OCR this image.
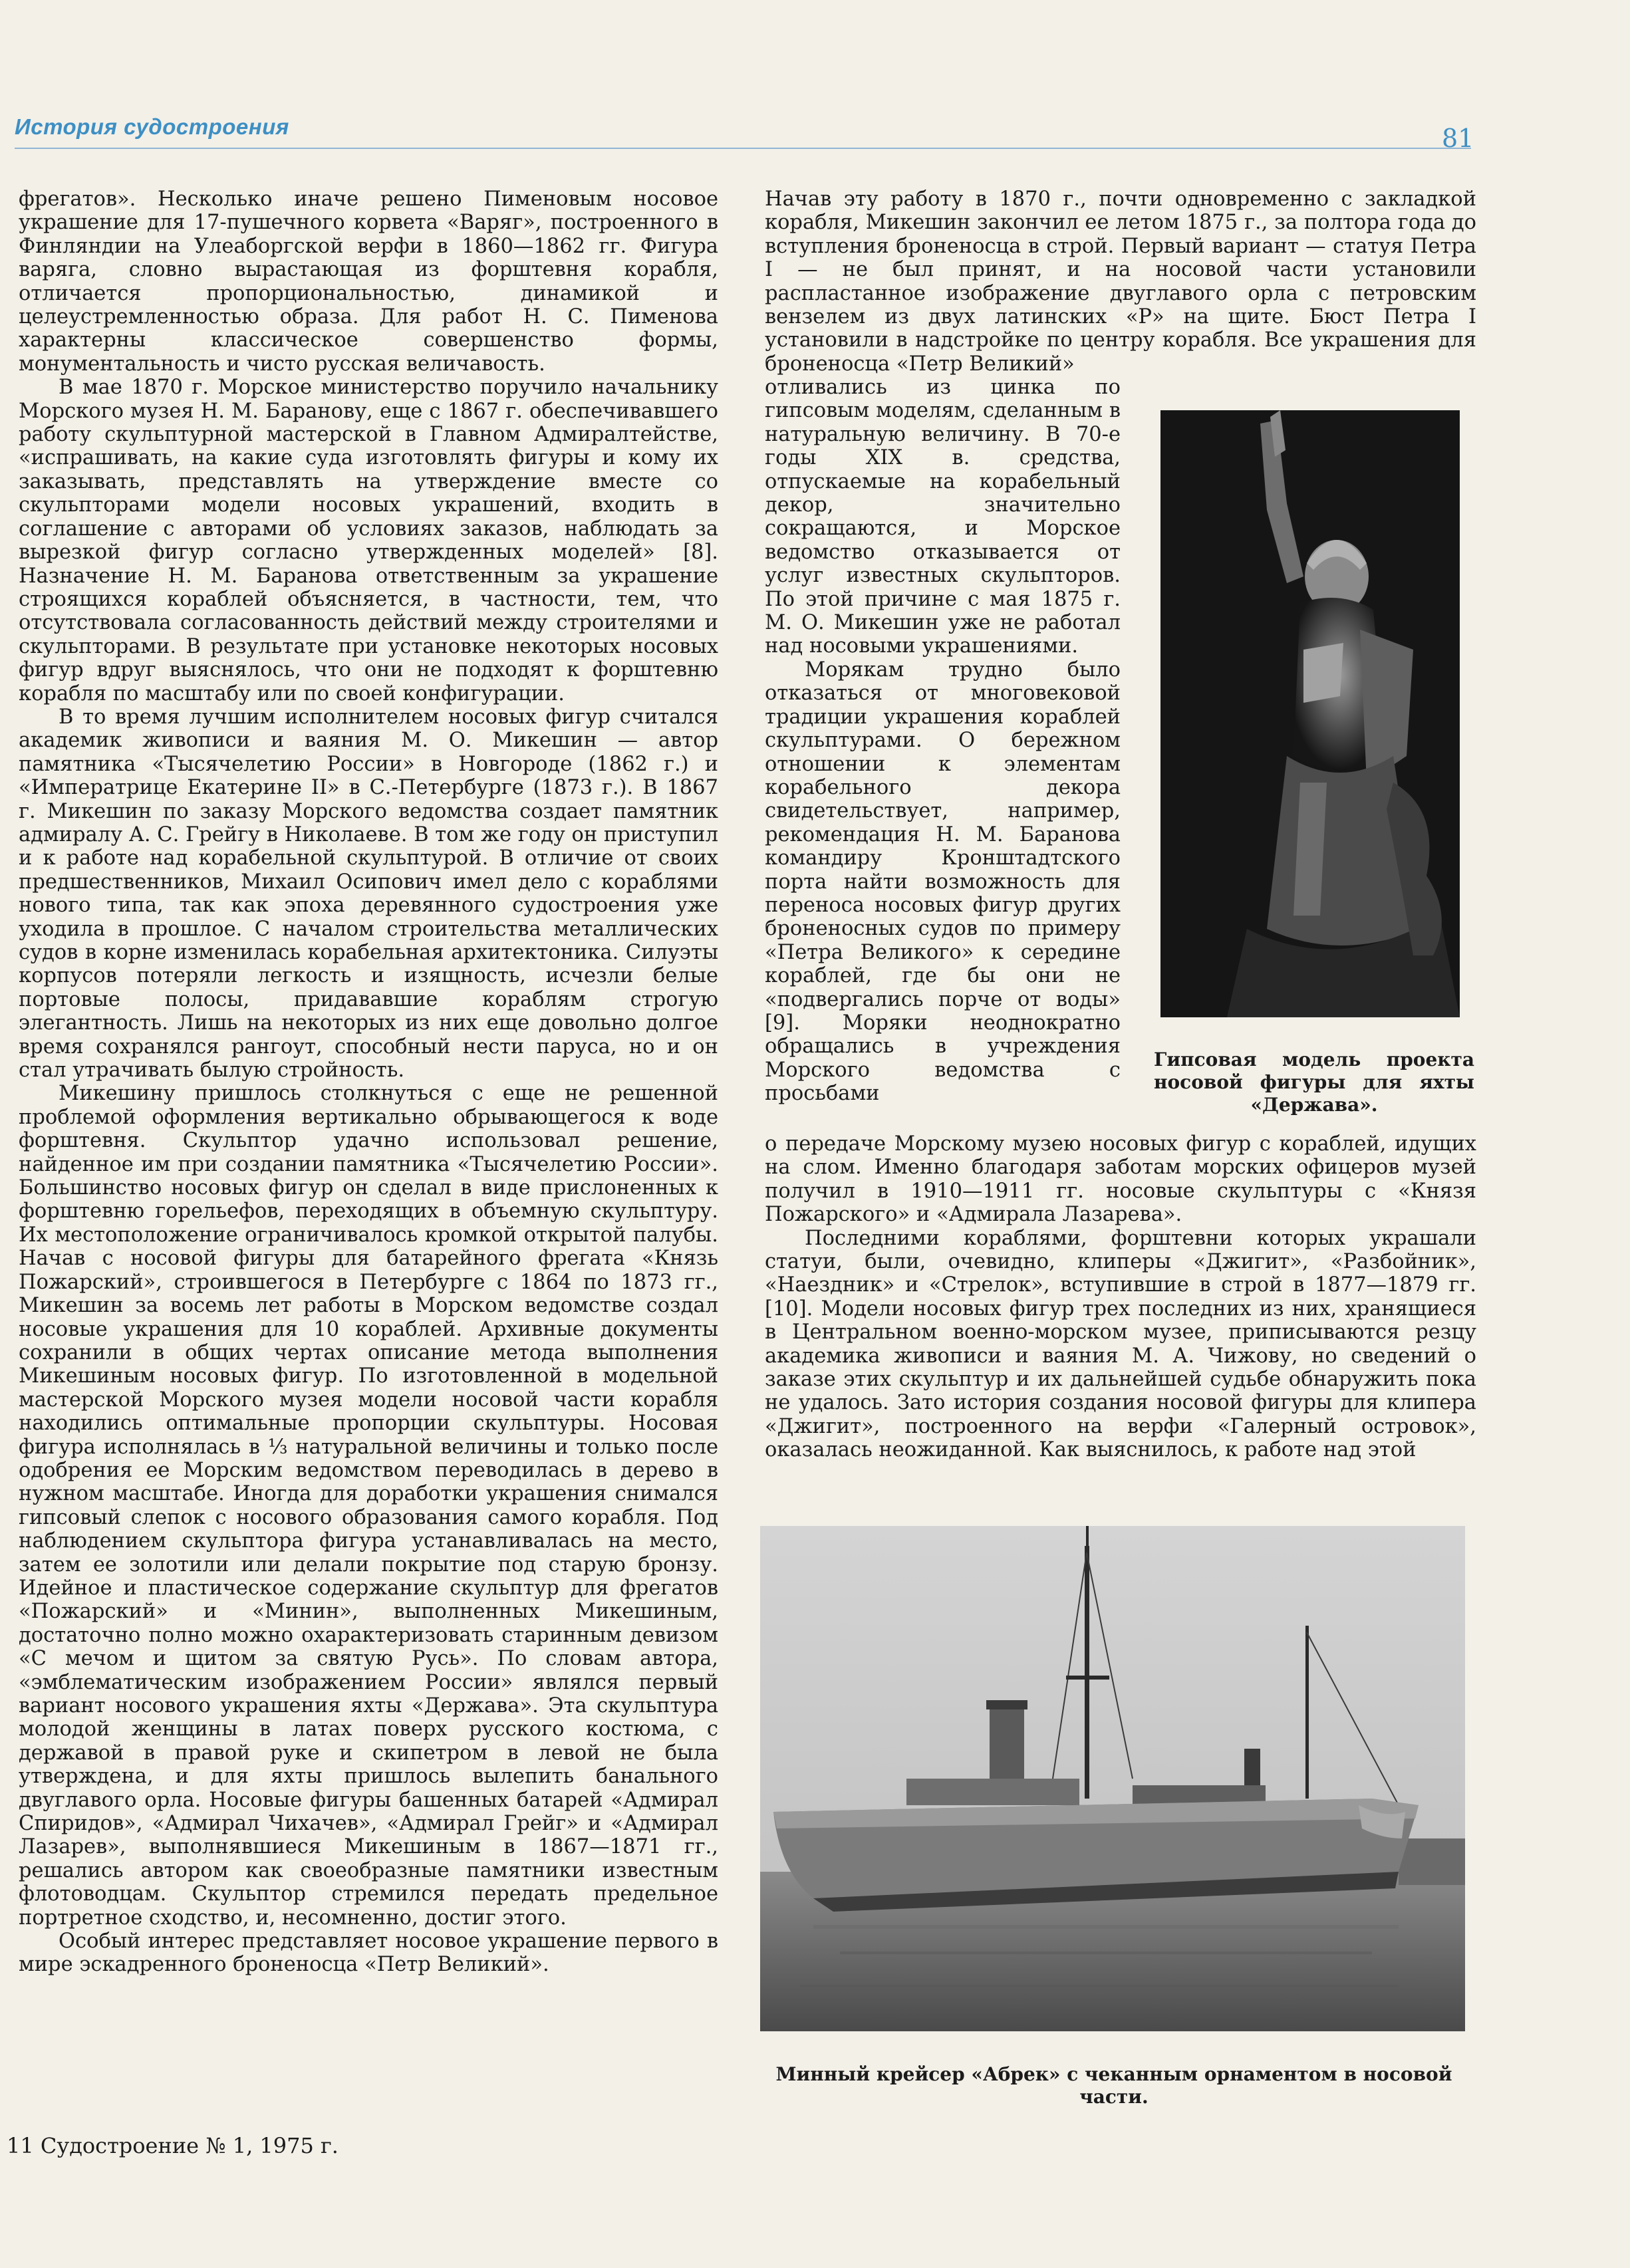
История судостроения	81

фрегатов». Несколько иначе решено Пименовым носовое украшение для 17-пушечного корвета «Варяг», построенного в Финляндии на Улеаборгской верфи в 1860—1862 гг. Фигура варяга, словно вырастающая из форштевня корабля, отличается пропорциональностью, динамикой и целеустремленностью образа. Для работ Н. С. Пименова характерны классическое совершенство формы, монументальность и чисто русская величавость.

В мае 1870 г. Морское министерство поручило начальнику Морского музея Н. М. Баранову, еще с 1867 г. обеспечивавшего работу скульптурной мастерской в Главном Адмиралтействе, «испрашивать, на какие суда изготовлять фигуры и кому их заказывать, представлять на утверждение вместе со скульпторами модели носовых украшений, входить в соглашение с авторами об условиях заказов, наблюдать за вырезкой фигур согласно утвержденных моделей» [8]. Назначение Н. М. Баранова ответственным за украшение строящихся кораблей объясняется, в частности, тем, что отсутствовала согласованность действий между строителями и скульпторами. В результате при установке некоторых носовых фигур вдруг выяснялось, что они не подходят к форштевню корабля по масштабу или по своей конфигурации.

В то время лучшим исполнителем носовых фигур считался академик живописи и ваяния М. О. Микешин — автор памятника «Тысячелетию России» в Новгороде (1862 г.) и «Императрице Екатерине II» в С.-Петербурге (1873 г.). В 1867 г. Микешин по заказу Морского ведомства создает памятник адмиралу А. С. Грейгу в Николаеве. В том же году он приступил и к работе над корабельной скульптурой. В отличие от своих предшественников, Михаил Осипович имел дело с кораблями нового типа, так как эпоха деревянного судостроения уже уходила в прошлое. С началом строительства металлических судов в корне изменилась корабельная архитектоника. Силуэты корпусов потеряли легкость и изящность, исчезли белые портовые полосы, придававшие кораблям строгую элегантность. Лишь на некоторых из них еще довольно долгое время сохранялся рангоут, способный нести паруса, но и он стал утрачивать былую стройность.

Микешину пришлось столкнуться с еще не решенной проблемой оформления вертикально обрывающегося к воде форштевня. Скульптор удачно использовал решение, найденное им при создании памятника «Тысячелетию России». Большинство носовых фигур он сделал в виде прислоненных к форштевню горельефов, переходящих в объемную скульптуру. Их местоположение ограничивалось кромкой открытой палубы. Начав с носовой фигуры для батарейного фрегата «Князь Пожарский», строившегося в Петербурге с 1864 по 1873 гг., Микешин за восемь лет работы в Морском ведомстве создал носовые украшения для 10 кораблей. Архивные документы сохранили в общих чертах описание метода выполнения Микешиным носовых фигур. По изготовленной в модельной мастерской Морского музея модели носовой части корабля находились оптимальные пропорции скульптуры. Носовая фигура исполнялась в ⅓ натуральной величины и только после одобрения ее Морским ведомством переводилась в дерево в нужном масштабе. Иногда для доработки украшения снимался гипсовый слепок с носового образования самого корабля. Под наблюдением скульптора фигура устанавливалась на место, затем ее золотили или делали покрытие под старую бронзу. Идейное и пластическое содержание скульптур для фрегатов «Пожарский» и «Минин», выполненных Микешиным, достаточно полно можно охарактеризовать старинным девизом «С мечом и щитом за святую Русь». По словам автора, «эмблематическим изображением России» являлся первый вариант носового украшения яхты «Держава». Эта скульптура молодой женщины в латах поверх русского костюма, с державой в правой руке и скипетром в левой не была утверждена, и для яхты пришлось вылепить банального двуглавого орла. Носовые фигуры башенных батарей «Адмирал Спиридов», «Адмирал Чихачев», «Адмирал Грейг» и «Адмирал Лазарев», выполнявшиеся Микешиным в 1867—1871 гг., решались автором как своеобразные памятники известным флотоводцам. Скульптор стремился передать предельное портретное сходство, и, несомненно, достиг этого.

Особый интерес представляет носовое украшение первого в мире эскадренного броненосца «Петр Великий».

Начав эту работу в 1870 г., почти одновременно с закладкой корабля, Микешин закончил ее летом 1875 г., за полтора года до вступления броненосца в строй. Первый вариант — статуя Петра I — не был принят, и на носовой части установили распластанное изображение двуглавого орла с петровским вензелем из двух латинских «Р» на щите. Бюст Петра I установили в надстройке по центру корабля. Все украшения для броненосца «Петр Великий»

отливались из цинка по гипсовым моделям, сделанным в натуральную величину. В 70-е годы XIX в. средства, отпускаемые на корабельный декор, значительно сокращаются, и Морское ведомство отказывается от услуг известных скульпторов. По этой причине с мая 1875 г. М. О. Микешин уже не работал над носовыми украшениями.

Морякам трудно было отказаться от многовековой традиции украшения кораблей скульптурами. О бережном отношении к элементам корабельного декора свидетельствует, например, рекомендация Н. М. Баранова командиру Кронштадтского порта найти возможность для переноса носовых фигур других броненосных судов по примеру «Петра Великого» к середине кораблей, где бы они не «подвергались порче от воды» [9]. Моряки неоднократно обращались в учреждения Морского ведомства с просьбами

Гипсовая модель проекта носовой фигуры для яхты «Держава».

о передаче Морскому музею носовых фигур с кораблей, идущих на слом. Именно благодаря заботам морских офицеров музей получил в 1910—1911 гг. носовые скульптуры с «Князя Пожарского» и «Адмирала Лазарева».

Последними кораблями, форштевни которых украшали статуи, были, очевидно, клиперы «Джигит», «Разбойник», «Наездник» и «Стрелок», вступившие в строй в 1877—1879 гг. [10]. Модели носовых фигур трех последних из них, хранящиеся в Центральном военно-морском музее, приписываются резцу академика живописи и ваяния М. А. Чижову, но сведений о заказе этих скульптур и их дальнейшей судьбе обнаружить пока не удалось. Зато история создания носовой фигуры для клипера «Джигит», построенного на верфи «Галерный островок», оказалась неожиданной. Как выяснилось, к работе над этой

Минный крейсер «Абрек» с чеканным орнаментом в носовой части.
11 Судостроение № 1, 1975 г.
